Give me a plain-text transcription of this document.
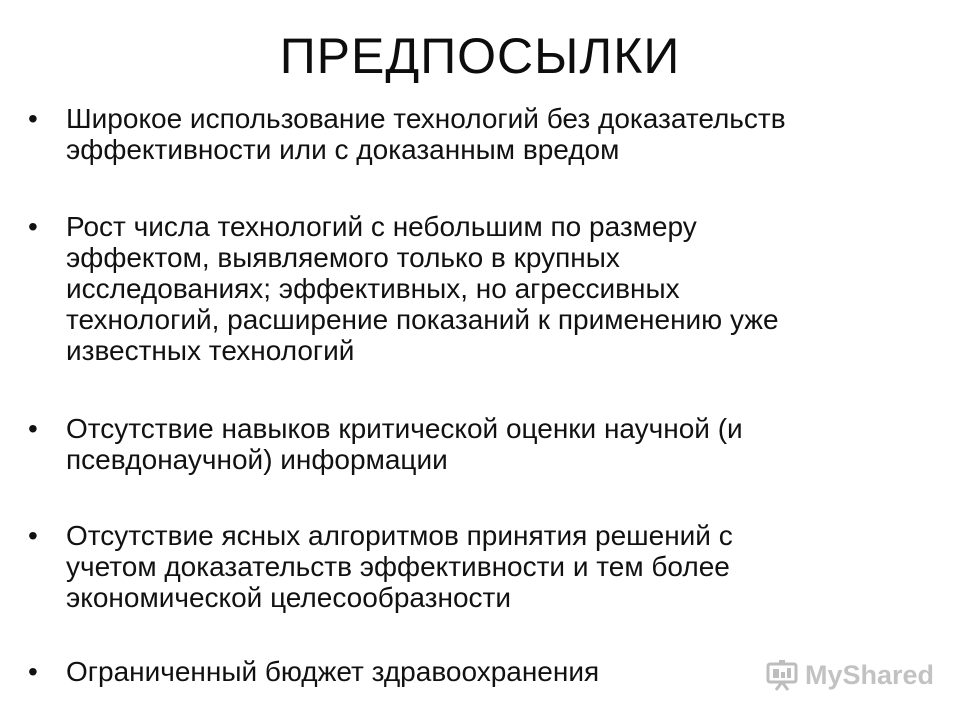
ПРЕДПОСЫЛКИ
• Широкое использование технологий без доказательств
эффективности или с доказанным вредом
• Рост числа технологий с небольшим по размеру
эффектом, выявляемого только в крупных
исследованиях; эффективных, но агрессивных
технологий, расширение показаний к применению уже
известных технологий
• Отсутствие навыков критической оценки научной (и
псевдонаучной) информации
• Отсутствие ясных алгоритмов принятия решений с
учетом доказательств эффективности и тем более
экономической целесообразности
• Ограниченный бюджет здравоохранения	MyShared
